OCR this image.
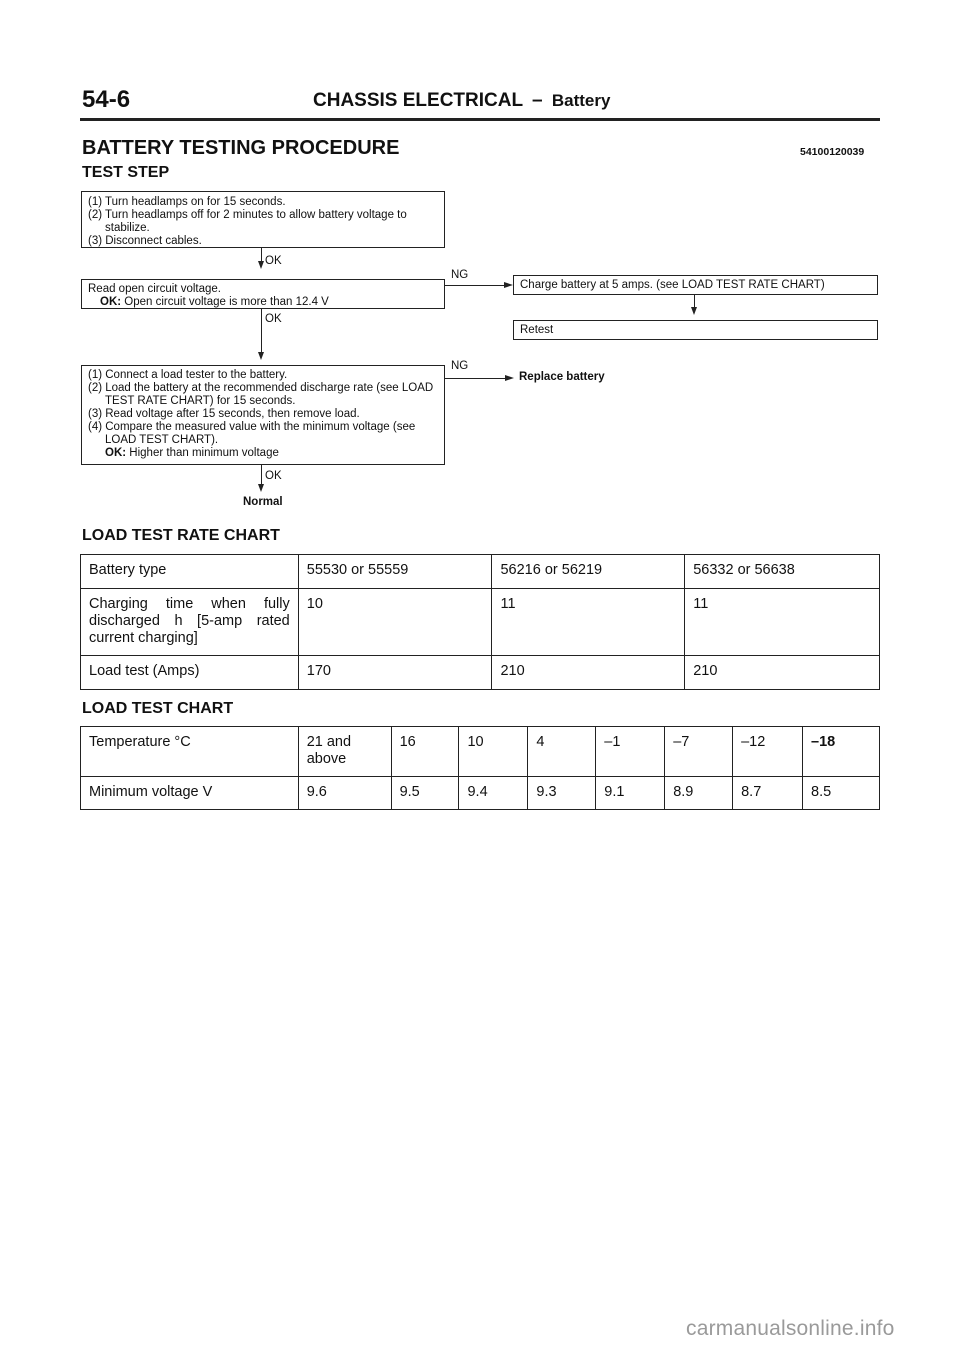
54-6	CHASSIS ELECTRICAL – Battery
BATTERY TESTING PROCEDURE	54100120039
TEST STEP
(1) Turn headlamps on for 15 seconds.
(2) Turn headlamps off for 2 minutes to allow battery voltage to
stabilize.
(3) Disconnect cables.
OK
Read open circuit voltage.
OK: Open circuit voltage is more than 12.4 V
NG
Charge battery at 5 amps. (see LOAD TEST RATE CHART)
Retest
OK
(1) Connect a load tester to the battery.
(2) Load the battery at the recommended discharge rate (see LOAD
TEST RATE CHART) for 15 seconds.
(3) Read voltage after 15 seconds, then remove load.
(4) Compare the measured value with the minimum voltage (see
LOAD TEST CHART).
OK: Higher than minimum voltage
NG
Replace battery
OK
Normal
LOAD TEST RATE CHART
Battery type	55530 or 55559	56216 or 56219	56332 or 56638

Charging time when fully
discharged h [5-amp rated
current charging]	10	11	11
Load test (Amps)	170	210	210
LOAD TEST CHART
Temperature °C	21 and
above	16	10	4	–1	–7	–12	–18
Minimum voltage V	9.6	9.5	9.4	9.3	9.1	8.9	8.7	8.5
carmanualsonline.info
